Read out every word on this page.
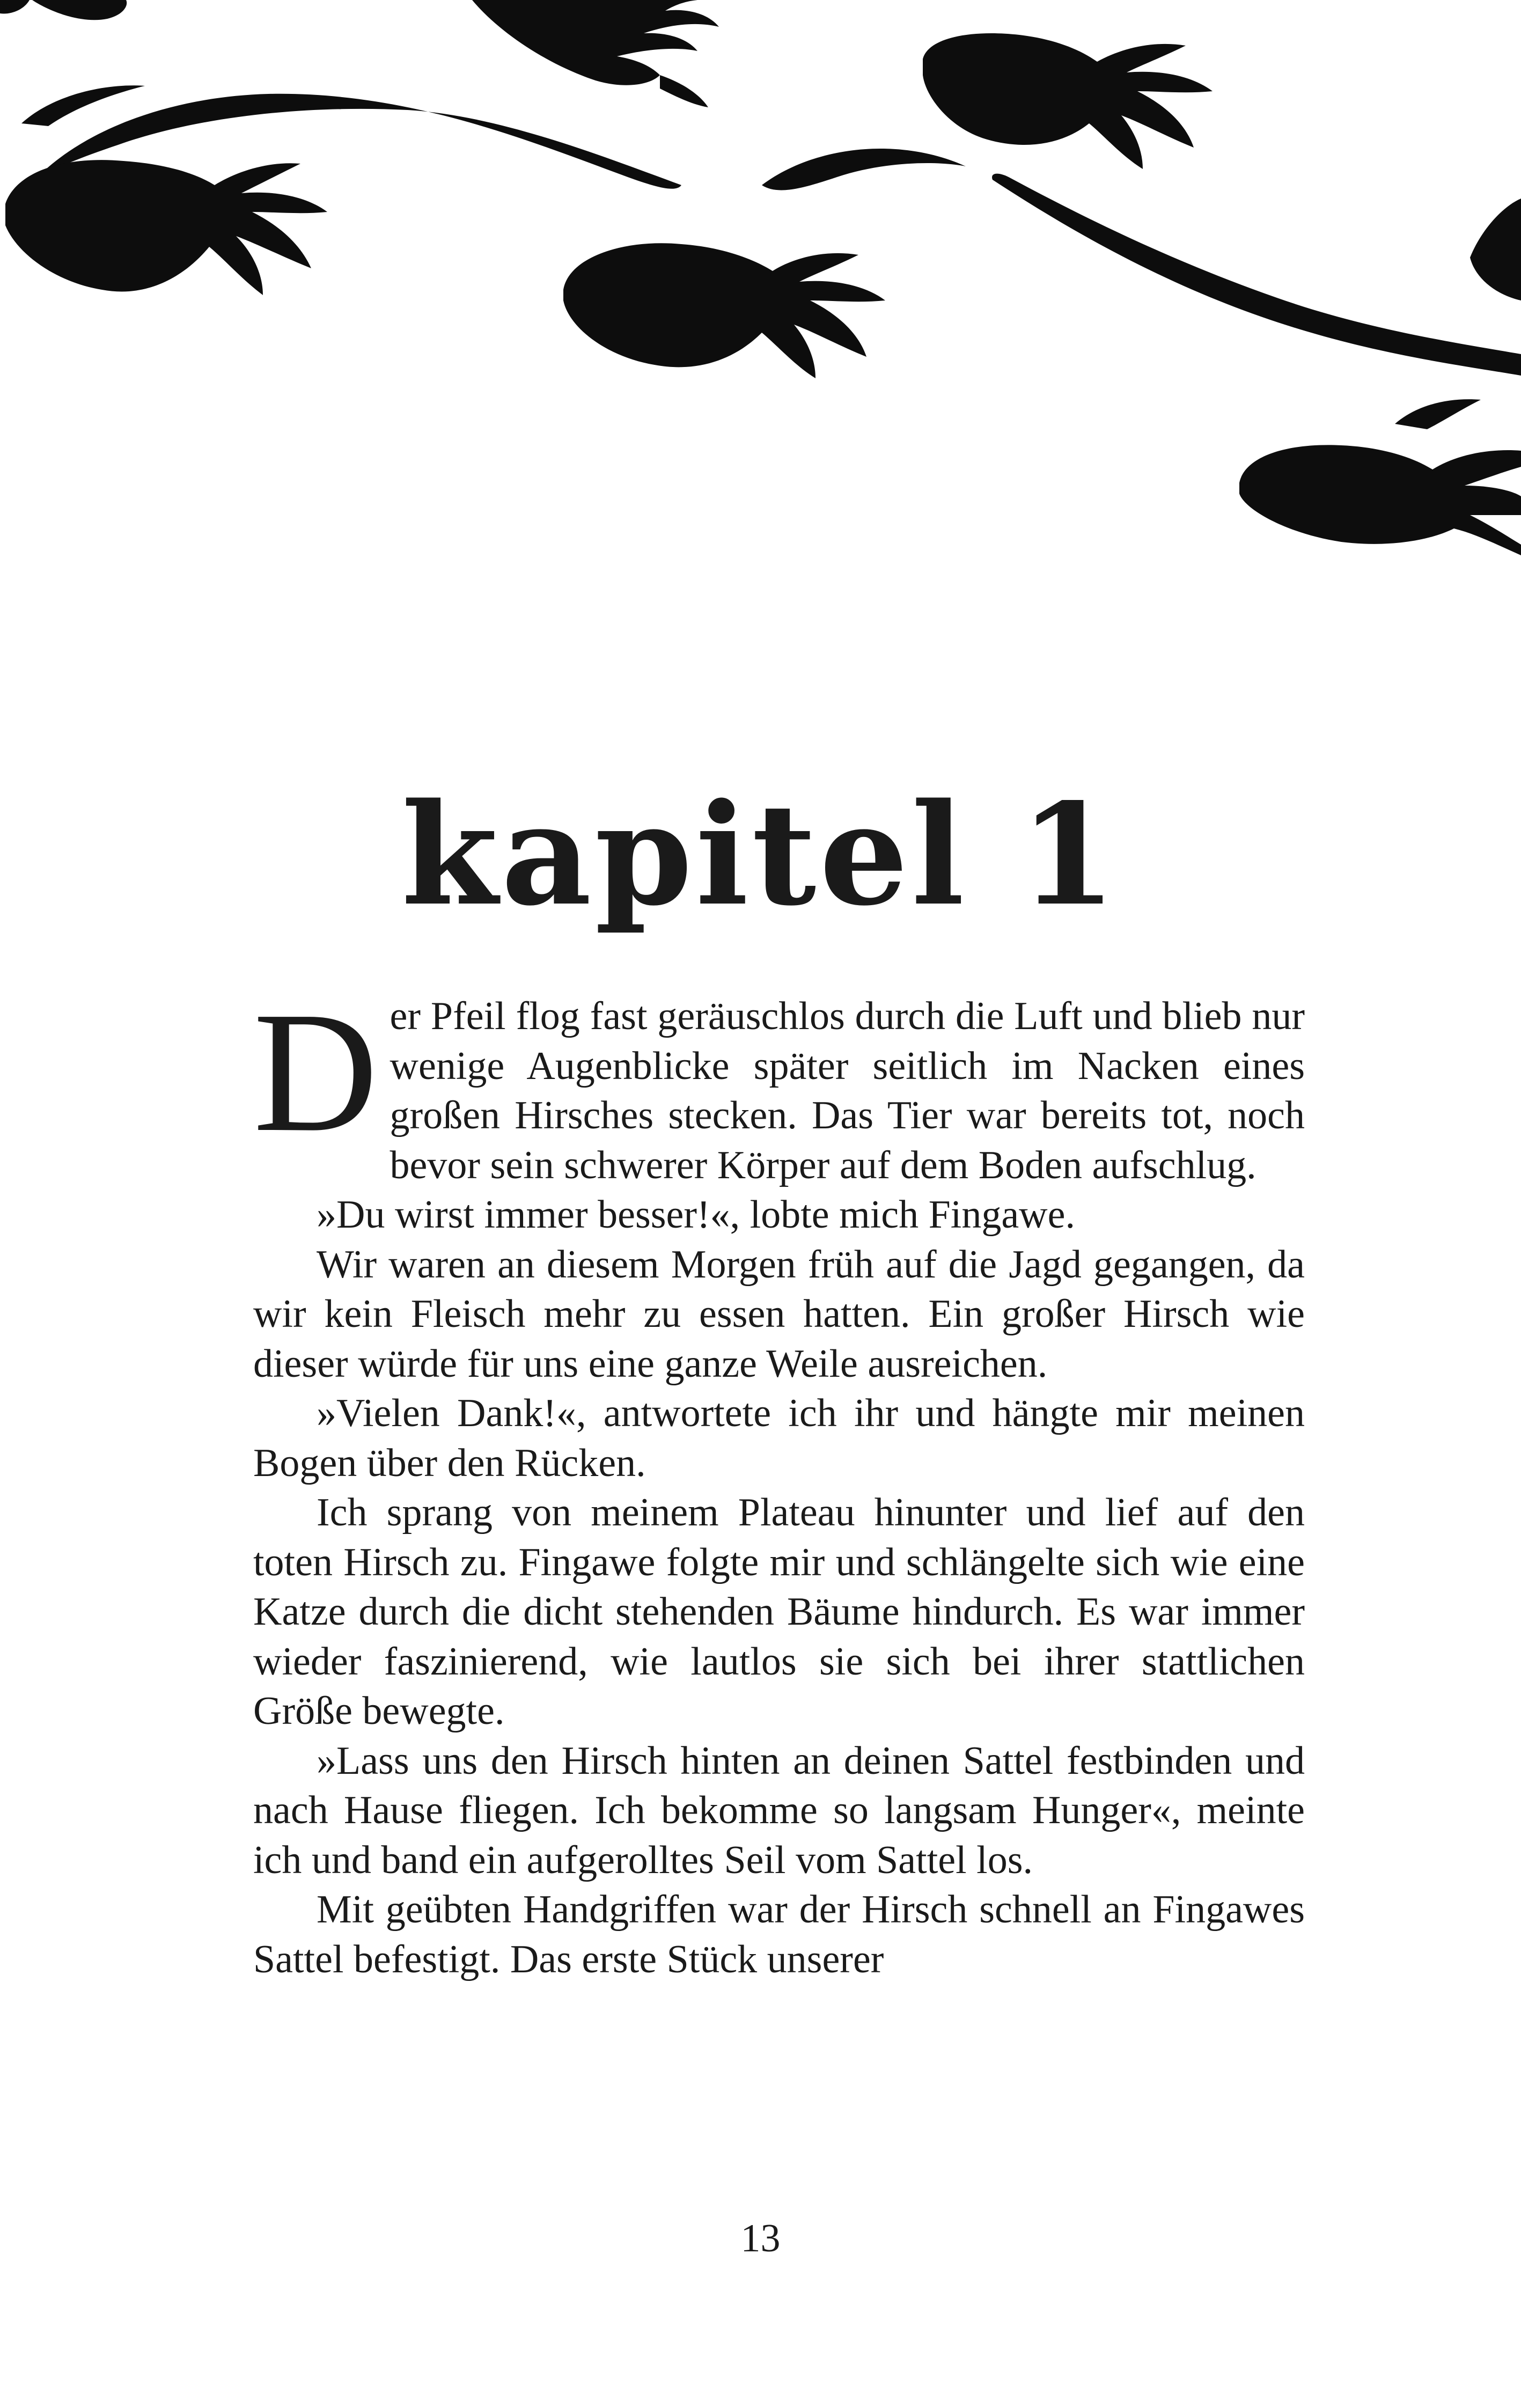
kapitel 1

Der Pfeil flog fast geräuschlos durch die Luft und blieb nur wenige Augenblicke später seitlich im Nacken eines großen Hirsches stecken. Das Tier war bereits tot, noch bevor sein schwerer Körper auf dem Boden aufschlug.

»Du wirst immer besser!«, lobte mich Fingawe.

Wir waren an diesem Morgen früh auf die Jagd gegangen, da wir kein Fleisch mehr zu essen hatten. Ein großer Hirsch wie dieser würde für uns eine ganze Weile ausreichen.

»Vielen Dank!«, antwortete ich ihr und hängte mir meinen Bogen über den Rücken.

Ich sprang von meinem Plateau hinunter und lief auf den toten Hirsch zu. Fingawe folgte mir und schlängelte sich wie eine Katze durch die dicht stehenden Bäume hindurch. Es war immer wieder faszinierend, wie lautlos sie sich bei ihrer stattlichen Größe bewegte.

»Lass uns den Hirsch hinten an deinen Sattel festbinden und nach Hause fliegen. Ich bekomme so langsam Hunger«, meinte ich und band ein aufgerolltes Seil vom Sattel los.

Mit geübten Handgriffen war der Hirsch schnell an Fingawes Sattel befestigt. Das erste Stück unserer

13
